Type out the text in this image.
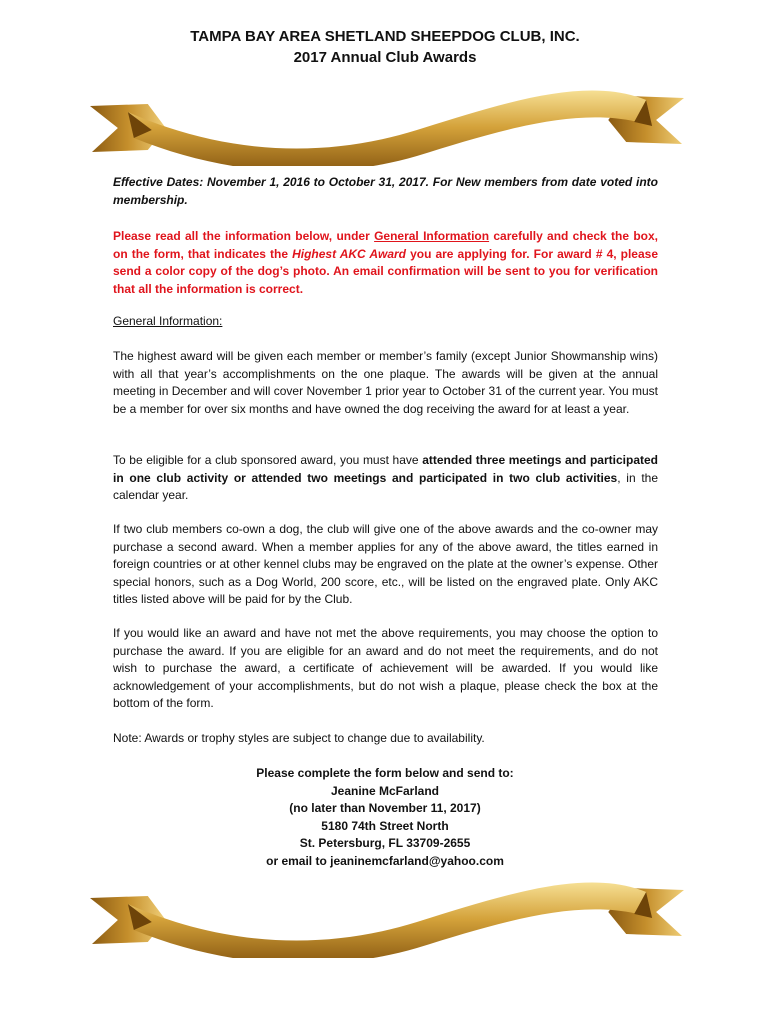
TAMPA BAY AREA SHETLAND SHEEPDOG CLUB, INC.
2017 Annual Club Awards

Effective Dates: November 1, 2016 to October 31, 2017. For New members from date voted into membership.

Please read all the information below, under General Information carefully and check the box, on the form, that indicates the Highest AKC Award you are applying for. For award # 4, please send a color copy of the dog’s photo. An email confirmation will be sent to you for verification that all the information is correct.

General Information:

The highest award will be given each member or member’s family (except Junior Showmanship wins) with all that year’s accomplishments on the one plaque. The awards will be given at the annual meeting in December and will cover November 1 prior year to October 31 of the current year. You must be a member for over six months and have owned the dog receiving the award for at least a year.

To be eligible for a club sponsored award, you must have attended three meetings and participated in one club activity or attended two meetings and participated in two club activities, in the calendar year.

If two club members co-own a dog, the club will give one of the above awards and the co-owner may purchase a second award. When a member applies for any of the above award, the titles earned in foreign countries or at other kennel clubs may be engraved on the plate at the owner’s expense. Other special honors, such as a Dog World, 200 score, etc., will be listed on the engraved plate. Only AKC titles listed above will be paid for by the Club.

If you would like an award and have not met the above requirements, you may choose the option to purchase the award. If you are eligible for an award and do not meet the requirements, and do not wish to purchase the award, a certificate of achievement will be awarded. If you would like acknowledgement of your accomplishments, but do not wish a plaque, please check the box at the bottom of the form.

Note: Awards or trophy styles are subject to change due to availability.

Please complete the form below and send to:
Jeanine McFarland
(no later than November 11, 2017)
5180 74th Street North
St. Petersburg, FL 33709-2655
or email to jeaninemcfarland@yahoo.com
